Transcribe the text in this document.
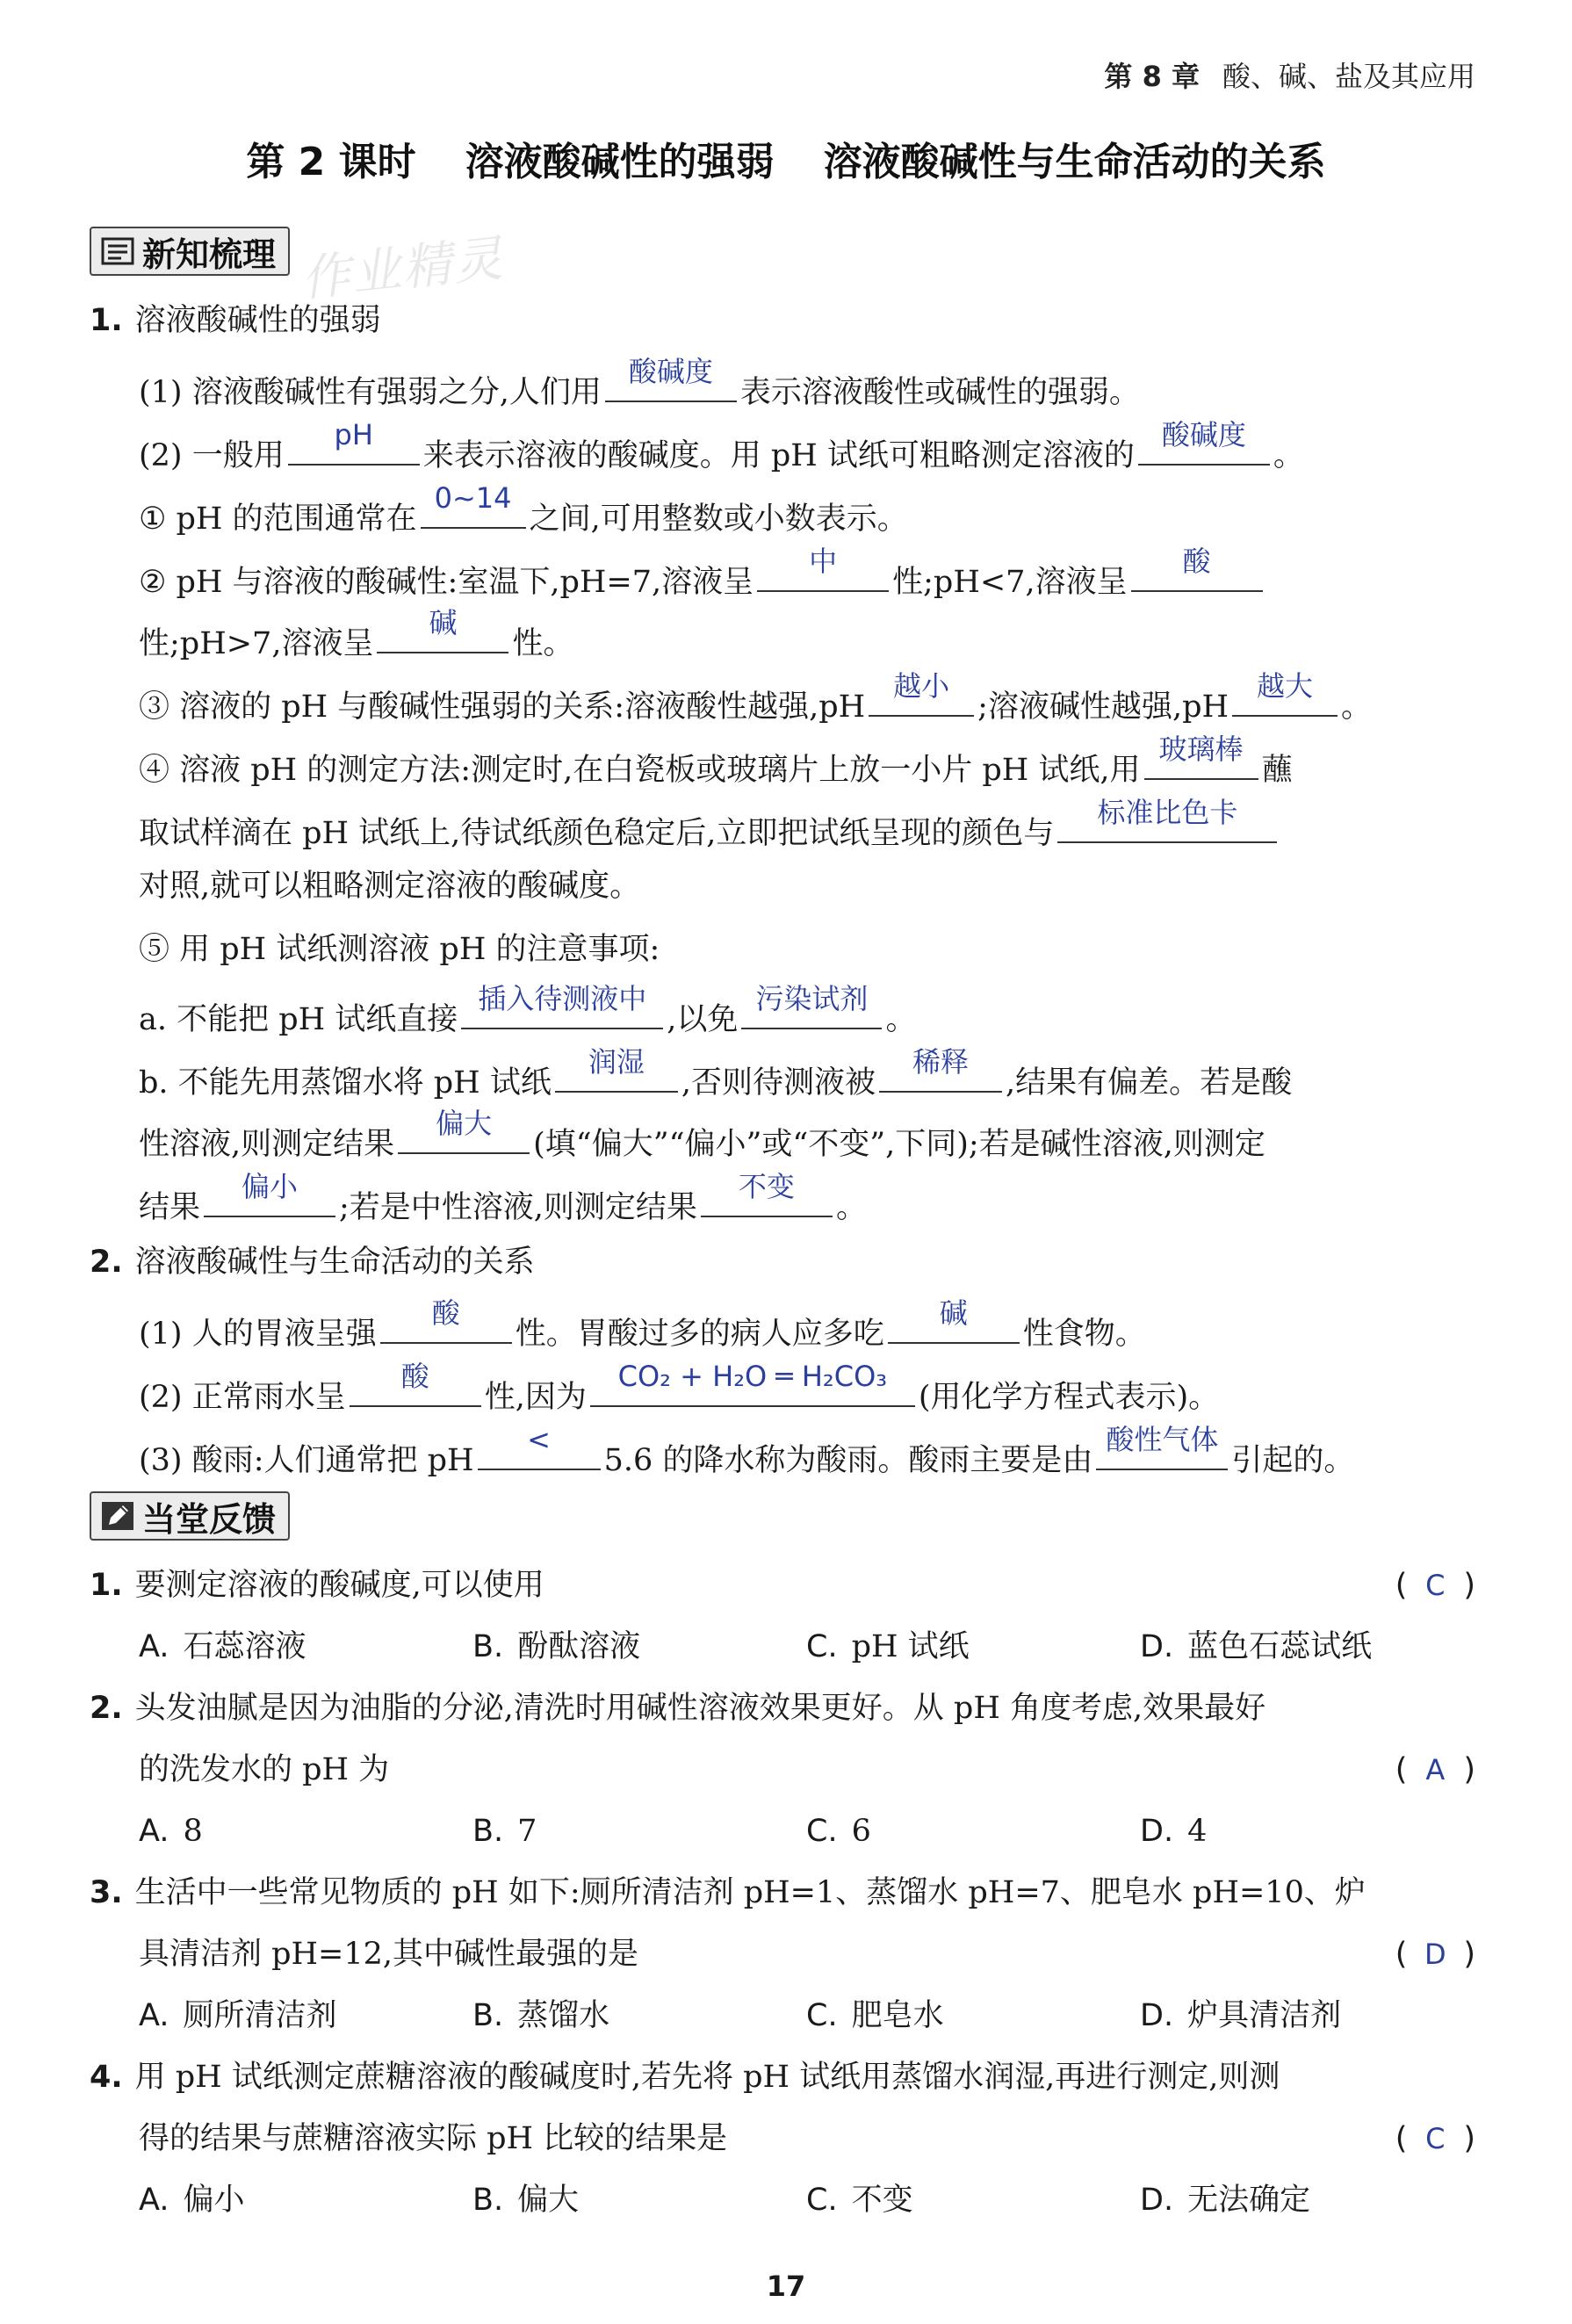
第 8 章 酸、碱、盐及其应用
第 2 课时 溶液酸碱性的强弱 溶液酸碱性与生命活动的关系
新知梳理 作业精灵
1. 溶液酸碱性的强弱
(1) 溶液酸碱性有强弱之分,人们用
酸碱度
表示溶液酸性或碱性的强弱。
(2) 一般用
pH
来表示溶液的酸碱度。用 pH 试纸可粗略测定溶液的
酸碱度
。
① pH 的范围通常在
0~14
之间,可用整数或小数表示。
② pH 与溶液的酸碱性:室温下,pH=7,溶液呈
中
性;pH<7,溶液呈
酸
性;pH>7,溶液呈
碱
性。
③ 溶液的 pH 与酸碱性强弱的关系:溶液酸性越强,pH
越小
;溶液碱性越强,pH
越大
。
④ 溶液 pH 的测定方法:测定时,在白瓷板或玻璃片上放一小片 pH 试纸,用
玻璃棒
蘸
取试样滴在 pH 试纸上,待试纸颜色稳定后,立即把试纸呈现的颜色与
标准比色卡
对照,就可以粗略测定溶液的酸碱度。
⑤ 用 pH 试纸测溶液 pH 的注意事项:
a. 不能把 pH 试纸直接
插入待测液中
,以免
污染试剂
。
b. 不能先用蒸馏水将 pH 试纸
润湿
,否则待测液被
稀释
,结果有偏差。若是酸
性溶液,则测定结果
偏大
(填“偏大”“偏小”或“不变”,下同);若是碱性溶液,则测定
结果
偏小
;若是中性溶液,则测定结果
不变
。
2. 溶液酸碱性与生命活动的关系
(1) 人的胃液呈强
酸
性。胃酸过多的病人应多吃
碱
性食物。
(2) 正常雨水呈
酸
性,因为
CO₂ + H₂O ═ H₂CO₃
(用化学方程式表示)。
(3) 酸雨:人们通常把 pH
<
5.6 的降水称为酸雨。酸雨主要是由
酸性气体
引起的。
当堂反馈
1. 要测定溶液的酸碱度,可以使用	( C )
A. 石蕊溶液	B. 酚酞溶液	C. pH 试纸	D. 蓝色石蕊试纸
2. 头发油腻是因为油脂的分泌,清洗时用碱性溶液效果更好。从 pH 角度考虑,效果最好
的洗发水的 pH 为	( A )
A. 8	B. 7	C. 6	D. 4
3. 生活中一些常见物质的 pH 如下:厕所清洁剂 pH=1、蒸馏水 pH=7、肥皂水 pH=10、炉
具清洁剂 pH=12,其中碱性最强的是	( D )
A. 厕所清洁剂	B. 蒸馏水	C. 肥皂水	D. 炉具清洁剂
4. 用 pH 试纸测定蔗糖溶液的酸碱度时,若先将 pH 试纸用蒸馏水润湿,再进行测定,则测
得的结果与蔗糖溶液实际 pH 比较的结果是	( C )
A. 偏小	B. 偏大	C. 不变	D. 无法确定
17
